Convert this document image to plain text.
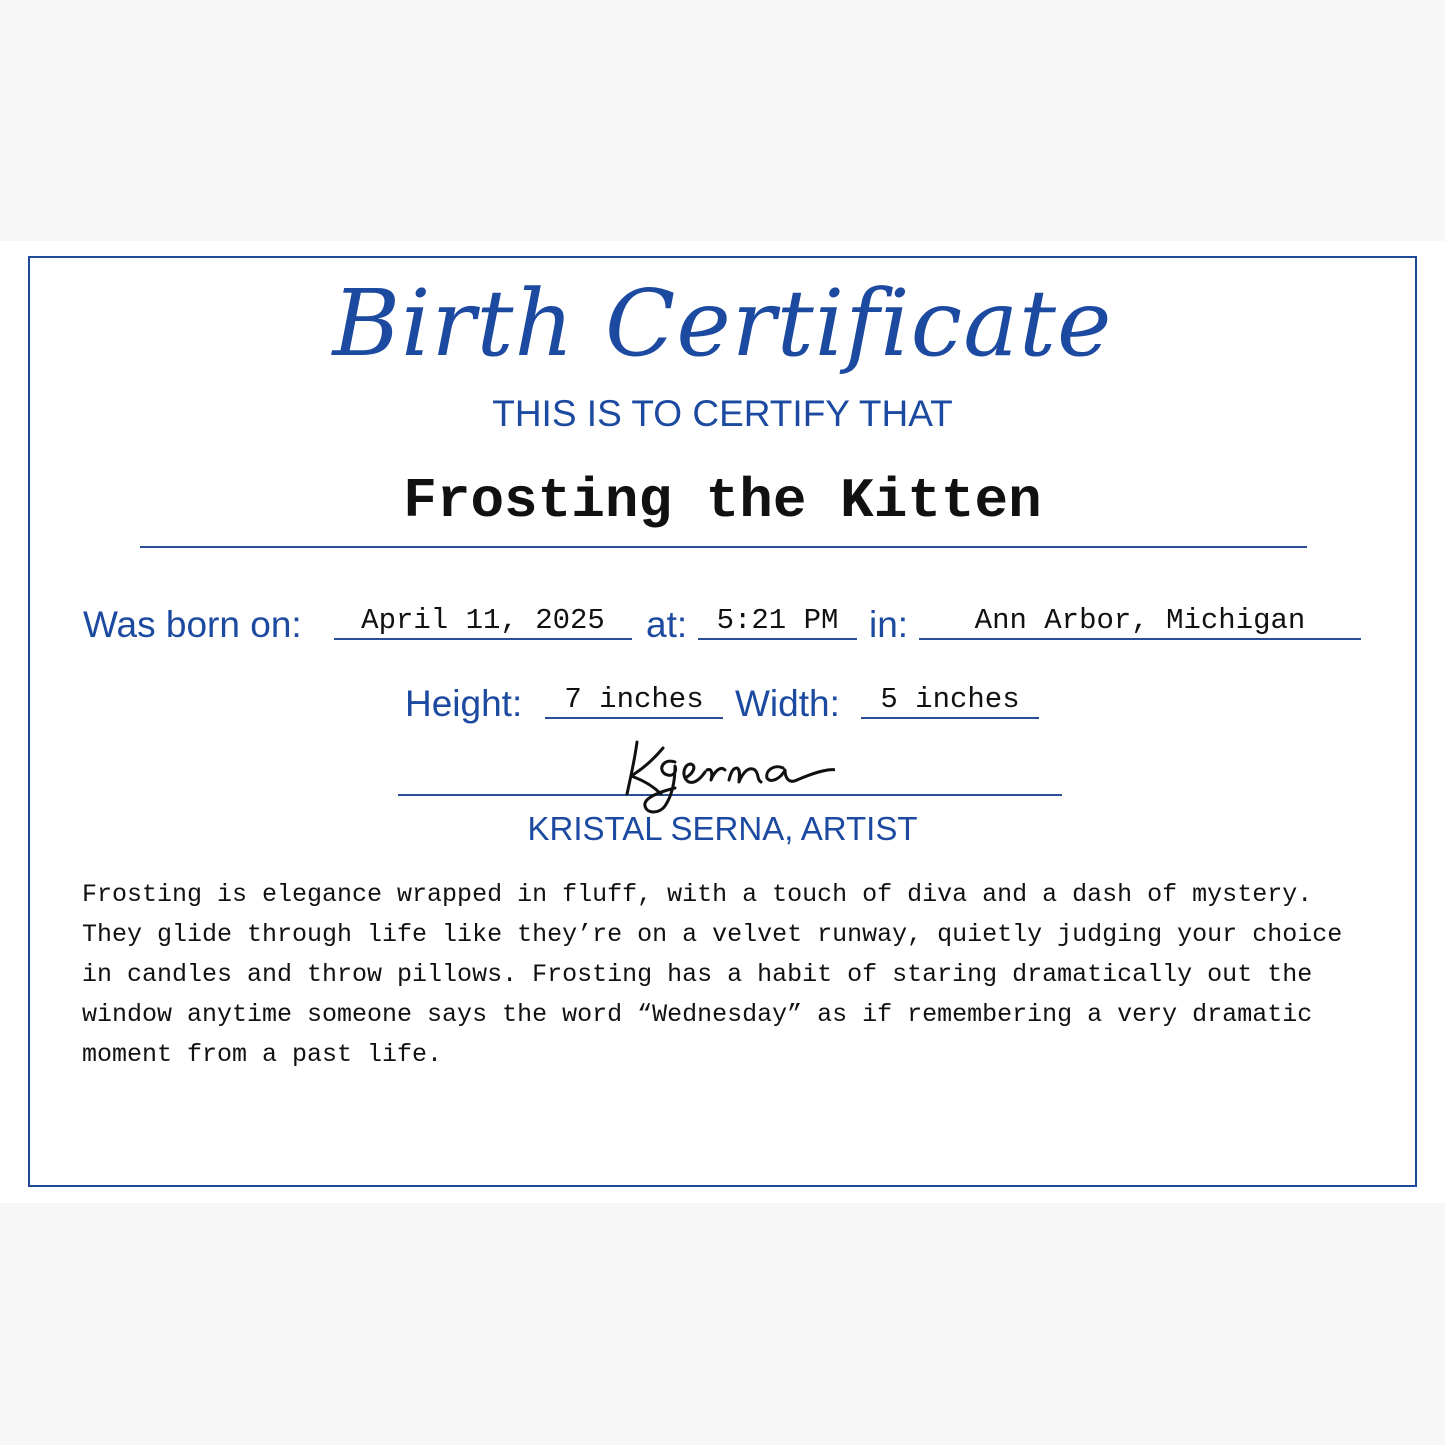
Birth Certificate
THIS IS TO CERTIFY THAT
Frosting the Kitten
Was born on:	April 11, 2025	at:	5:21 PM in:	Ann Arbor, Michigan
Height:	7 inches Width:	5 inches
KRISTAL SERNA, ARTIST

Frosting is elegance wrapped in fluff, with a touch of diva and a dash of mystery. They glide through life like they’re on a velvet runway, quietly judging your choice in candles and throw pillows. Frosting has a habit of staring dramatically out the window anytime someone says the word “Wednesday” as if remembering a very dramatic moment from a past life.
